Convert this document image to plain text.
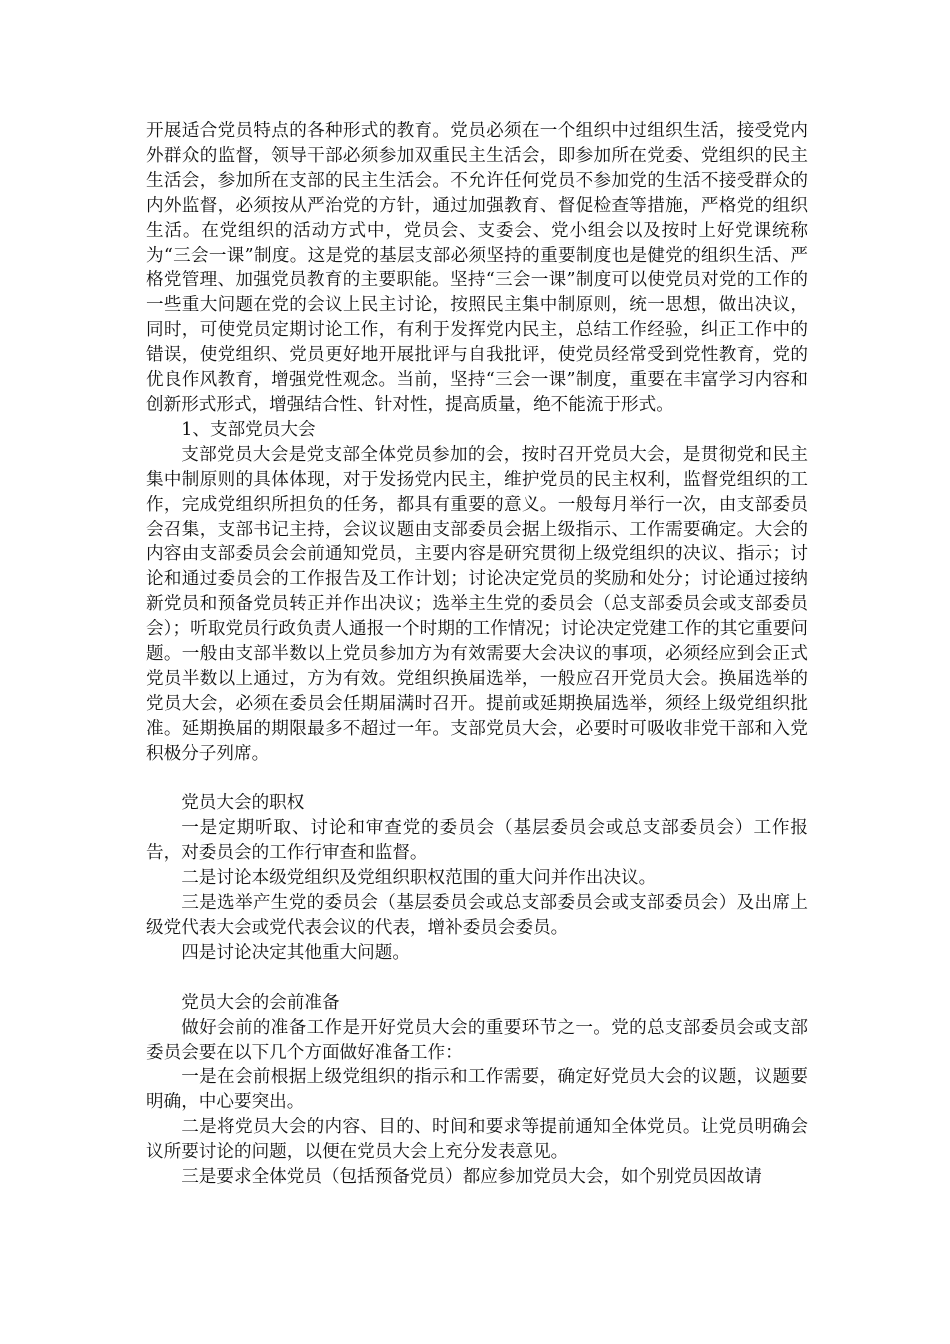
开展适合党员特点的各种形式的教育。党员必须在一个组织中过组织生活，接受党内外群众的监督，领导干部必须参加双重民主生活会，即参加所在党委、党组织的民主生活会，参加所在支部的民主生活会。不允许任何党员不参加党的生活不接受群众的内外监督，必须按从严治党的方针，通过加强教育、督促检查等措施，严格党的组织生活。在党组织的活动方式中，党员会、支委会、党小组会以及按时上好党课统称为“三会一课”制度。这是党的基层支部必须坚持的重要制度也是健党的组织生活、严格党管理、加强党员教育的主要职能。坚持“三会一课”制度可以使党员对党的工作的一些重大问题在党的会议上民主讨论，按照民主集中制原则，统一思想，做出决议，同时，可使党员定期讨论工作，有利于发挥党内民主，总结工作经验，纠正工作中的错误，使党组织、党员更好地开展批评与自我批评，使党员经常受到党性教育，党的优良作风教育，增强党性观念。当前，坚持“三会一课”制度，重要在丰富学习内容和创新形式形式，增强结合性、针对性，提高质量，绝不能流于形式。

1、支部党员大会

支部党员大会是党支部全体党员参加的会，按时召开党员大会，是贯彻党和民主集中制原则的具体体现，对于发扬党内民主，维护党员的民主权利，监督党组织的工作，完成党组织所担负的任务，都具有重要的意义。一般每月举行一次，由支部委员会召集，支部书记主持，会议议题由支部委员会据上级指示、工作需要确定。大会的内容由支部委员会会前通知党员，主要内容是研究贯彻上级党组织的决议、指示；讨论和通过委员会的工作报告及工作计划；讨论决定党员的奖励和处分；讨论通过接纳新党员和预备党员转正并作出决议；选举主生党的委员会（总支部委员会或支部委员会）；听取党员行政负责人通报一个时期的工作情况；讨论决定党建工作的其它重要问题。一般由支部半数以上党员参加方为有效需要大会决议的事项，必须经应到会正式党员半数以上通过，方为有效。党组织换届选举，一般应召开党员大会。换届选举的党员大会，必须在委员会任期届满时召开。提前或延期换届选举，须经上级党组织批准。延期换届的期限最多不超过一年。支部党员大会，必要时可吸收非党干部和入党积极分子列席。

党员大会的职权

一是定期听取、讨论和审查党的委员会（基层委员会或总支部委员会）工作报告，对委员会的工作行审查和监督。

二是讨论本级党组织及党组织职权范围的重大问并作出决议。

三是选举产生党的委员会（基层委员会或总支部委员会或支部委员会）及出席上级党代表大会或党代表会议的代表，增补委员会委员。

四是讨论决定其他重大问题。

党员大会的会前准备

做好会前的准备工作是开好党员大会的重要环节之一。党的总支部委员会或支部委员会要在以下几个方面做好准备工作：

一是在会前根据上级党组织的指示和工作需要，确定好党员大会的议题，议题要明确，中心要突出。

二是将党员大会的内容、目的、时间和要求等提前通知全体党员。让党员明确会议所要讨论的问题，以便在党员大会上充分发表意见。

三是要求全体党员（包括预备党员）都应参加党员大会，如个别党员因故请
